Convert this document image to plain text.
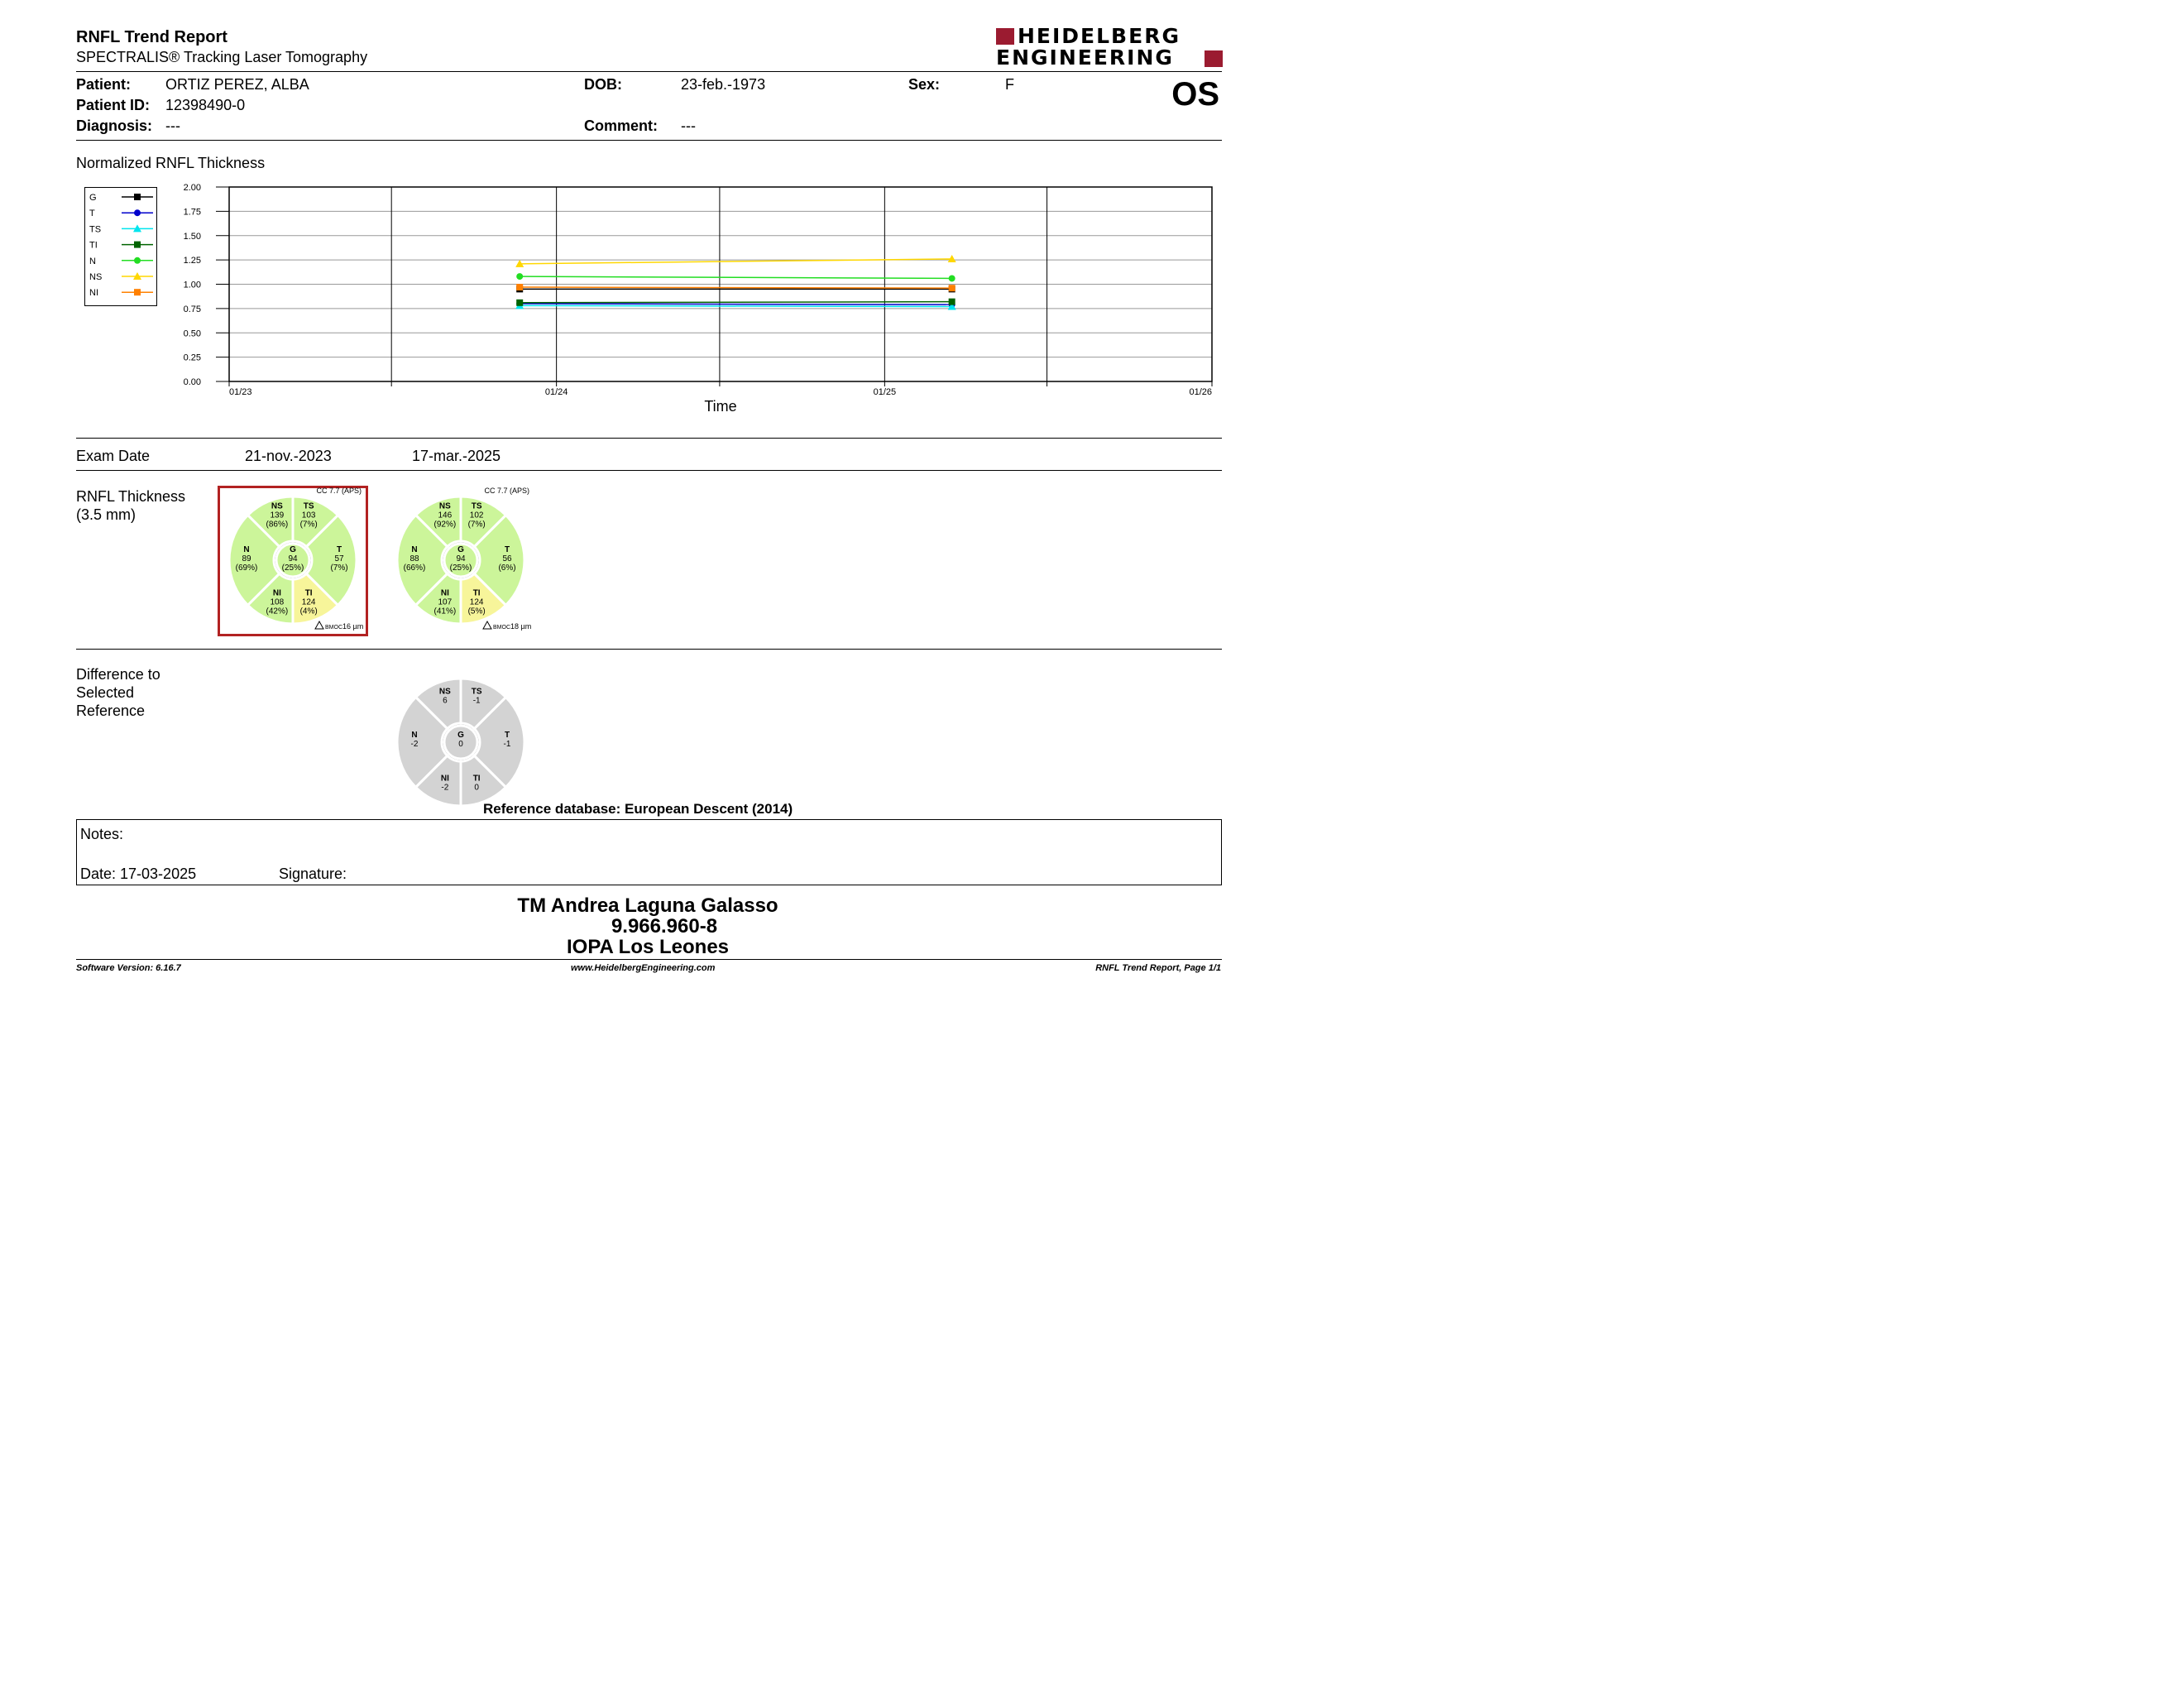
RNFL Trend Report
SPECTRALIS® Tracking Laser Tomography
HEIDELBERG
ENGINEERING
Patient: ORTIZ PEREZ, ALBA
Patient ID: 12398490-0
Diagnosis: ---
DOB:	23-feb.-1973
Comment: ---
Sex:	F	OS
Normalized RNFL Thickness
G
T
TS
TI
N
NS
NI
0.00
0.25
0.50
0.75
1.00
1.25
1.50
1.75
2.00
01/23	01/24	01/25	01/26
Time
Exam Date	21-nov.-2023	17-mar.-2025
RNFL Thickness
(3.5 mm)
T
57
(7%)
TS
103
(7%)
NS
139
(86%)
N
89
(69%)
NI
108
(42%)
TI
124
(4%)
G
94
(25%)
CC 7.7 (APS)
BMOC 16 µm
T
56
(6%)
TS
102
(7%)
NS
146
(92%)
N
88
(66%)
NI
107
(41%)
TI
124
(5%)
G
94
(25%)
CC 7.7 (APS)
BMOC 18 µm
Difference to
Selected
Reference
T
-1
TS
-1
NS
6
N
-2
NI
-2
TI
0
G
0
Reference database: European Descent (2014)
Notes:
Date: 17-03-2025	Signature:
TM Andrea Laguna Galasso
9.966.960-8
IOPA Los Leones
Software Version: 6.16.7	www.HeidelbergEngineering.com	RNFL Trend Report, Page 1/1
